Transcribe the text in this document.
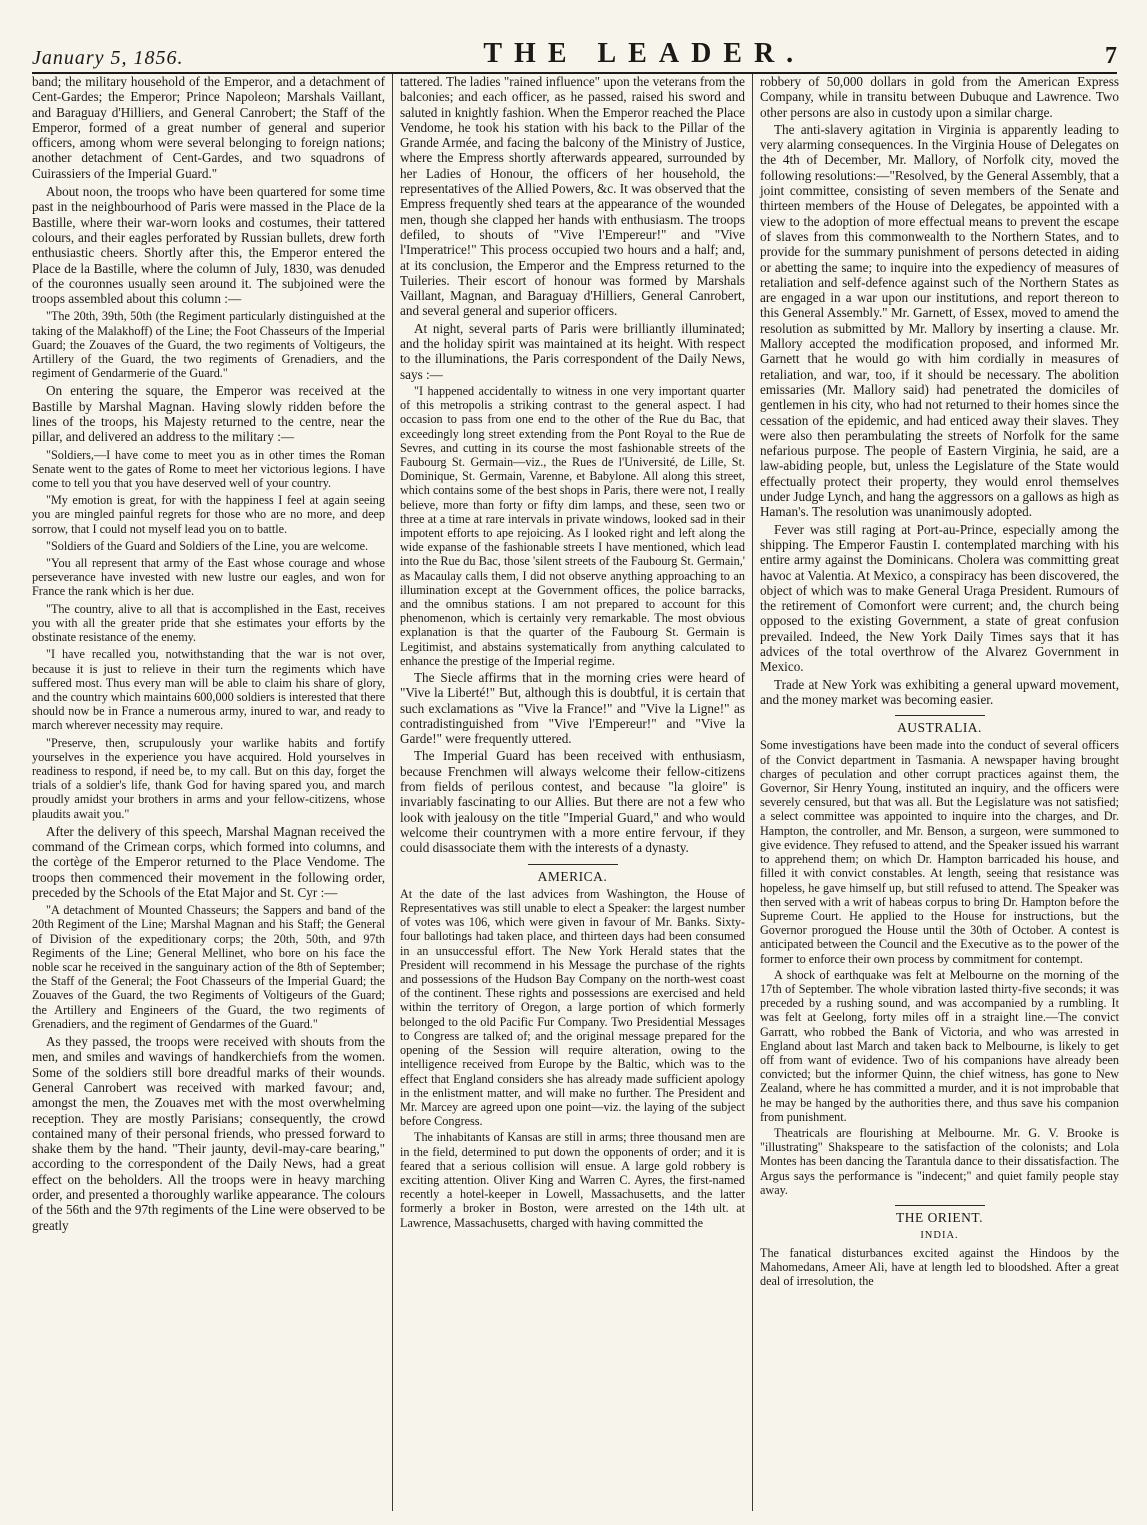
January 5, 1856.	THE LEADER.	7

band; the military household of the Emperor, and a detachment of Cent-Gardes; the Emperor; Prince Napoleon; Marshals Vaillant, and Baraguay d'Hilliers, and General Canrobert; the Staff of the Emperor, formed of a great number of general and superior officers, among whom were several belonging to foreign nations; another detachment of Cent-Gardes, and two squadrons of Cuirassiers of the Imperial Guard."

About noon, the troops who have been quartered for some time past in the neighbourhood of Paris were massed in the Place de la Bastille, where their war-worn looks and costumes, their tattered colours, and their eagles perforated by Russian bullets, drew forth enthusiastic cheers. Shortly after this, the Emperor entered the Place de la Bastille, where the column of July, 1830, was denuded of the couronnes usually seen around it. The subjoined were the troops assembled about this column :—

"The 20th, 39th, 50th (the Regiment particularly distinguished at the taking of the Malakhoff) of the Line; the Foot Chasseurs of the Imperial Guard; the Zouaves of the Guard, the two regiments of Voltigeurs, the Artillery of the Guard, the two regiments of Grenadiers, and the regiment of Gendarmerie of the Guard."

On entering the square, the Emperor was received at the Bastille by Marshal Magnan. Having slowly ridden before the lines of the troops, his Majesty returned to the centre, near the pillar, and delivered an address to the military :—

"Soldiers,—I have come to meet you as in other times the Roman Senate went to the gates of Rome to meet her victorious legions. I have come to tell you that you have deserved well of your country.

"My emotion is great, for with the happiness I feel at again seeing you are mingled painful regrets for those who are no more, and deep sorrow, that I could not myself lead you on to battle.

"Soldiers of the Guard and Soldiers of the Line, you are welcome.

"You all represent that army of the East whose courage and whose perseverance have invested with new lustre our eagles, and won for France the rank which is her due.

"The country, alive to all that is accomplished in the East, receives you with all the greater pride that she estimates your efforts by the obstinate resistance of the enemy.

"I have recalled you, notwithstanding that the war is not over, because it is just to relieve in their turn the regiments which have suffered most. Thus every man will be able to claim his share of glory, and the country which maintains 600,000 soldiers is interested that there should now be in France a numerous army, inured to war, and ready to march wherever necessity may require.

"Preserve, then, scrupulously your warlike habits and fortify yourselves in the experience you have acquired. Hold yourselves in readiness to respond, if need be, to my call. But on this day, forget the trials of a soldier's life, thank God for having spared you, and march proudly amidst your brothers in arms and your fellow-citizens, whose plaudits await you."

After the delivery of this speech, Marshal Magnan received the command of the Crimean corps, which formed into columns, and the cortège of the Emperor returned to the Place Vendome. The troops then commenced their movement in the following order, preceded by the Schools of the Etat Major and St. Cyr :—

"A detachment of Mounted Chasseurs; the Sappers and band of the 20th Regiment of the Line; Marshal Magnan and his Staff; the General of Division of the expeditionary corps; the 20th, 50th, and 97th Regiments of the Line; General Mellinet, who bore on his face the noble scar he received in the sanguinary action of the 8th of September; the Staff of the General; the Foot Chasseurs of the Imperial Guard; the Zouaves of the Guard, the two Regiments of Voltigeurs of the Guard; the Artillery and Engineers of the Guard, the two regiments of Grenadiers, and the regiment of Gendarmes of the Guard."

As they passed, the troops were received with shouts from the men, and smiles and wavings of handkerchiefs from the women. Some of the soldiers still bore dreadful marks of their wounds. General Canrobert was received with marked favour; and, amongst the men, the Zouaves met with the most overwhelming reception. They are mostly Parisians; consequently, the crowd contained many of their personal friends, who pressed forward to shake them by the hand. "Their jaunty, devil-may-care bearing," according to the correspondent of the Daily News, had a great effect on the beholders. All the troops were in heavy marching order, and presented a thoroughly warlike appearance. The colours of the 56th and the 97th regiments of the Line were observed to be greatly

tattered. The ladies "rained influence" upon the veterans from the balconies; and each officer, as he passed, raised his sword and saluted in knightly fashion. When the Emperor reached the Place Vendome, he took his station with his back to the Pillar of the Grande Armée, and facing the balcony of the Ministry of Justice, where the Empress shortly afterwards appeared, surrounded by her Ladies of Honour, the officers of her household, the representatives of the Allied Powers, &c. It was observed that the Empress frequently shed tears at the appearance of the wounded men, though she clapped her hands with enthusiasm. The troops defiled, to shouts of "Vive l'Empereur!" and "Vive l'Imperatrice!" This process occupied two hours and a half; and, at its conclusion, the Emperor and the Empress returned to the Tuileries. Their escort of honour was formed by Marshals Vaillant, Magnan, and Baraguay d'Hilliers, General Canrobert, and several general and superior officers.

At night, several parts of Paris were brilliantly illuminated; and the holiday spirit was maintained at its height. With respect to the illuminations, the Paris correspondent of the Daily News, says :—

"I happened accidentally to witness in one very important quarter of this metropolis a striking contrast to the general aspect. I had occasion to pass from one end to the other of the Rue du Bac, that exceedingly long street extending from the Pont Royal to the Rue de Sevres, and cutting in its course the most fashionable streets of the Faubourg St. Germain—viz., the Rues de l'Université, de Lille, St. Dominique, St. Germain, Varenne, et Babylone. All along this street, which contains some of the best shops in Paris, there were not, I really believe, more than forty or fifty dim lamps, and these, seen two or three at a time at rare intervals in private windows, looked sad in their impotent efforts to ape rejoicing. As I looked right and left along the wide expanse of the fashionable streets I have mentioned, which lead into the Rue du Bac, those 'silent streets of the Faubourg St. Germain,' as Macaulay calls them, I did not observe anything approaching to an illumination except at the Government offices, the police barracks, and the omnibus stations. I am not prepared to account for this phenomenon, which is certainly very remarkable. The most obvious explanation is that the quarter of the Faubourg St. Germain is Legitimist, and abstains systematically from anything calculated to enhance the prestige of the Imperial regime.

The Siecle affirms that in the morning cries were heard of "Vive la Liberté!" But, although this is doubtful, it is certain that such exclamations as "Vive la France!" and "Vive la Ligne!" as contradistinguished from "Vive l'Empereur!" and "Vive la Garde!" were frequently uttered.

The Imperial Guard has been received with enthusiasm, because Frenchmen will always welcome their fellow-citizens from fields of perilous contest, and because "la gloire" is invariably fascinating to our Allies. But there are not a few who look with jealousy on the title "Imperial Guard," and who would welcome their countrymen with a more entire fervour, if they could disassociate them with the interests of a dynasty.

AMERICA.

At the date of the last advices from Washington, the House of Representatives was still unable to elect a Speaker: the largest number of votes was 106, which were given in favour of Mr. Banks. Sixty-four ballotings had taken place, and thirteen days had been consumed in an unsuccessful effort. The New York Herald states that the President will recommend in his Message the purchase of the rights and possessions of the Hudson Bay Company on the north-west coast of the continent. These rights and possessions are exercised and held within the territory of Oregon, a large portion of which formerly belonged to the old Pacific Fur Company. Two Presidential Messages to Congress are talked of; and the original message prepared for the opening of the Session will require alteration, owing to the intelligence received from Europe by the Baltic, which was to the effect that England considers she has already made sufficient apology in the enlistment matter, and will make no further. The President and Mr. Marcey are agreed upon one point—viz. the laying of the subject before Congress.

The inhabitants of Kansas are still in arms; three thousand men are in the field, determined to put down the opponents of order; and it is feared that a serious collision will ensue. A large gold robbery is exciting attention. Oliver King and Warren C. Ayres, the first-named recently a hotel-keeper in Lowell, Massachusetts, and the latter formerly a broker in Boston, were arrested on the 14th ult. at Lawrence, Massachusetts, charged with having committed the

robbery of 50,000 dollars in gold from the American Express Company, while in transitu between Dubuque and Lawrence. Two other persons are also in custody upon a similar charge.

The anti-slavery agitation in Virginia is apparently leading to very alarming consequences. In the Virginia House of Delegates on the 4th of December, Mr. Mallory, of Norfolk city, moved the following resolutions:—"Resolved, by the General Assembly, that a joint committee, consisting of seven members of the Senate and thirteen members of the House of Delegates, be appointed with a view to the adoption of more effectual means to prevent the escape of slaves from this commonwealth to the Northern States, and to provide for the summary punishment of persons detected in aiding or abetting the same; to inquire into the expediency of measures of retaliation and self-defence against such of the Northern States as are engaged in a war upon our institutions, and report thereon to this General Assembly." Mr. Garnett, of Essex, moved to amend the resolution as submitted by Mr. Mallory by inserting a clause. Mr. Mallory accepted the modification proposed, and informed Mr. Garnett that he would go with him cordially in measures of retaliation, and war, too, if it should be necessary. The abolition emissaries (Mr. Mallory said) had penetrated the domiciles of gentlemen in his city, who had not returned to their homes since the cessation of the epidemic, and had enticed away their slaves. They were also then perambulating the streets of Norfolk for the same nefarious purpose. The people of Eastern Virginia, he said, are a law-abiding people, but, unless the Legislature of the State would effectually protect their property, they would enrol themselves under Judge Lynch, and hang the aggressors on a gallows as high as Haman's. The resolution was unanimously adopted.

Fever was still raging at Port-au-Prince, especially among the shipping. The Emperor Faustin I. contemplated marching with his entire army against the Dominicans. Cholera was committing great havoc at Valentia. At Mexico, a conspiracy has been discovered, the object of which was to make General Uraga President. Rumours of the retirement of Comonfort were current; and, the church being opposed to the existing Government, a state of great confusion prevailed. Indeed, the New York Daily Times says that it has advices of the total overthrow of the Alvarez Government in Mexico.

Trade at New York was exhibiting a general upward movement, and the money market was becoming easier.

AUSTRALIA.

Some investigations have been made into the conduct of several officers of the Convict department in Tasmania. A newspaper having brought charges of peculation and other corrupt practices against them, the Governor, Sir Henry Young, instituted an inquiry, and the officers were severely censured, but that was all. But the Legislature was not satisfied; a select committee was appointed to inquire into the charges, and Dr. Hampton, the controller, and Mr. Benson, a surgeon, were summoned to give evidence. They refused to attend, and the Speaker issued his warrant to apprehend them; on which Dr. Hampton barricaded his house, and filled it with convict constables. At length, seeing that resistance was hopeless, he gave himself up, but still refused to attend. The Speaker was then served with a writ of habeas corpus to bring Dr. Hampton before the Supreme Court. He applied to the House for instructions, but the Governor prorogued the House until the 30th of October. A contest is anticipated between the Council and the Executive as to the power of the former to enforce their own process by commitment for contempt.

A shock of earthquake was felt at Melbourne on the morning of the 17th of September. The whole vibration lasted thirty-five seconds; it was preceded by a rushing sound, and was accompanied by a rumbling. It was felt at Geelong, forty miles off in a straight line.—The convict Garratt, who robbed the Bank of Victoria, and who was arrested in England about last March and taken back to Melbourne, is likely to get off from want of evidence. Two of his companions have already been convicted; but the informer Quinn, the chief witness, has gone to New Zealand, where he has committed a murder, and it is not improbable that he may be hanged by the authorities there, and thus save his companion from punishment.

Theatricals are flourishing at Melbourne. Mr. G. V. Brooke is "illustrating" Shakspeare to the satisfaction of the colonists; and Lola Montes has been dancing the Tarantula dance to their dissatisfaction. The Argus says the performance is "indecent;" and quiet family people stay away.

THE ORIENT.
INDIA.

The fanatical disturbances excited against the Hindoos by the Mahomedans, Ameer Ali, have at length led to bloodshed. After a great deal of irresolution, the
